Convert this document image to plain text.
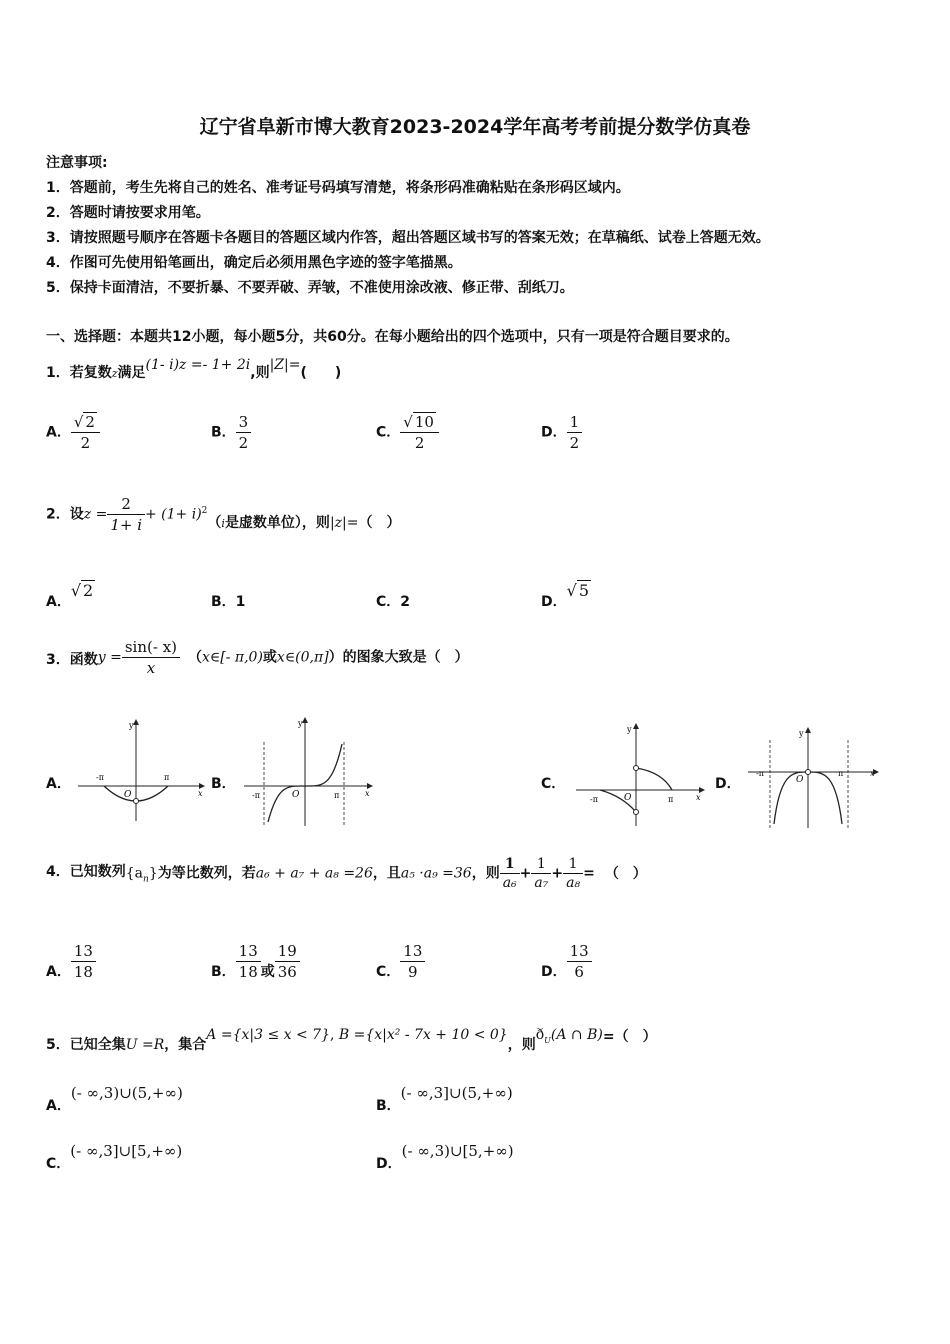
辽宁省阜新市博大教育2023-2024学年高考考前提分数学仿真卷
注意事项:
1．答题前，考生先将自己的姓名、准考证号码填写清楚，将条形码准确粘贴在条形码区域内。
2．答题时请按要求用笔。
3．请按照题号顺序在答题卡各题目的答题区域内作答，超出答题区域书写的答案无效；在草稿纸、试卷上答题无效。
4．作图可先使用铅笔画出，确定后必须用黑色字迹的签字笔描黑。
5．保持卡面清洁，不要折暴、不要弄破、弄皱，不准使用涂改液、修正带、刮纸刀。
一、选择题：本题共12小题，每小题5分，共60分。在每小题给出的四个选项中，只有一项是符合题目要求的。
1．若复数z满足(1- i)z =- 1+ 2i,则|Z|=(　　)
A． $\frac{√ 2}{2}$	B． $\frac{3}{2}$	C． $\frac{√ 10}{2}$	D． $\frac{1}{2}$
2．设$z = \frac{2}{1+ i} + (1+ i)^2(i$是虚数单位），则|z|=（　）
A．√ 2
B．1	C．2	D．√ 5
3．函数$y = \frac{\sin(- x)}{x}$ （x∈[- π,0)或x∈(0,π]）的图象大致是（　）
A．	B．	C．	D．
y
x
O
-π	π
y
x
O
-π	π
y
x
O
-π	π
y
x
O
-π	π
4．已知数列$\{a_n\}$为等比数列，若a₆ + a₇ + a₈ =26，且a₅ ·a₉ =36，则 $\frac{1}{\text{a₆}} + \frac{1}{\text{a₇}} + \frac{1}{\text{a₈}}$ = （　）
A． $\frac{13}{18}$	B． $\frac{13}{18}$ 或 $\frac{19}{36}$	C． $\frac{13}{9}$	D． $\frac{13}{6}$
5．已知全集U =R，集合A ={x|3 ≤ x < 7}, B ={x|x² - 7x + 10 < 0}，则$ð_U(A$ ∩ B)=（　）
A．(- ∞,3)∪(5,+∞)
B．(- ∞,3]∪(5,+∞)
C．(- ∞,3]∪[5,+∞)
D．(- ∞,3)∪[5,+∞)
